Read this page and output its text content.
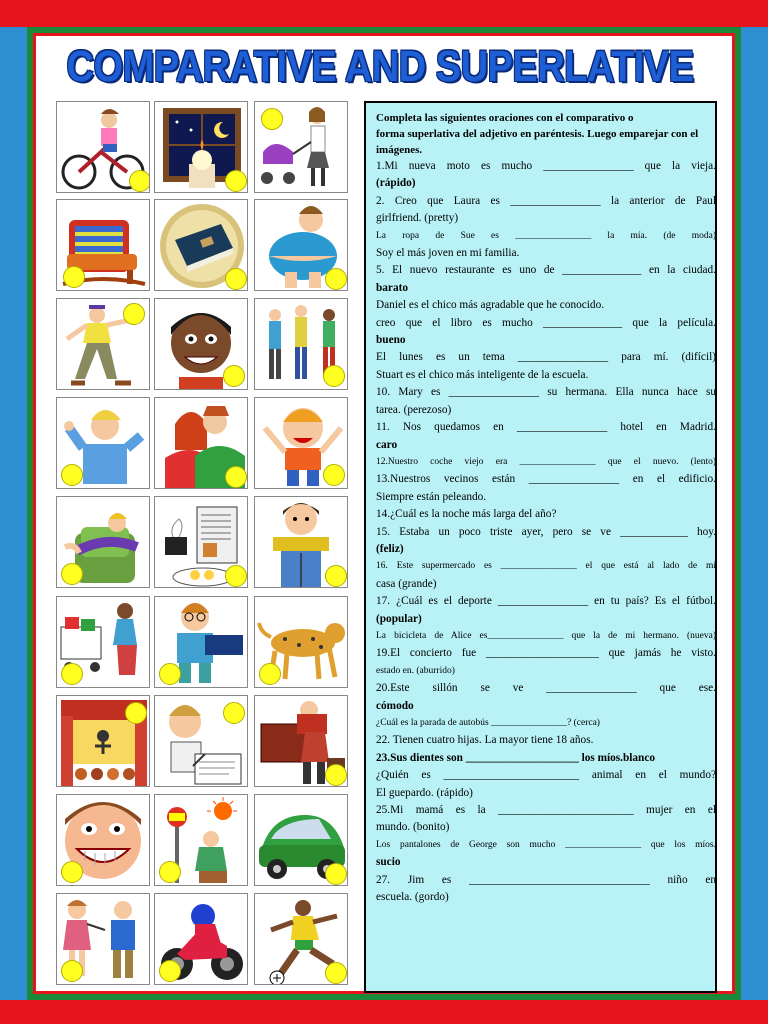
COMPARATIVE AND SUPERLATIVE
Completa las siguientes oraciones con el comparativo o
forma superlativa del adjetivo en paréntesis. Luego emparejar con el
imágenes.
1.Mi nueva moto es mucho ________________ que la vieja.
(rápido)
2. Creo que Laura es ________________ la anterior de Paul
girlfriend. (pretty)
La ropa de Sue es ________________ la mía. (de moda)
Soy el más joven en mi familia.
5. El nuevo restaurante es uno de ______________ en la ciudad.
barato
Daniel es el chico más agradable que he conocido.
creo que el libro es mucho ______________ que la película.
bueno
El lunes es un tema ________________ para mí. (difícil)
Stuart es el chico más inteligente de la escuela.
10. Mary es ________________ su hermana. Ella nunca hace su
tarea. (perezoso)
11. Nos quedamos en ________________ hotel en Madrid.
caro
12.Nuestro coche viejo era ________________ que el nuevo. (lento)
13.Nuestros vecinos están ________________ en el edificio.
Siempre están peleando.
14.¿Cuál es la noche más larga del año?
15. Estaba un poco triste ayer, pero se ve ____________ hoy.
(feliz)
16. Este supermercado es ________________ el que está al lado de mi
casa (grande)
17. ¿Cuál es el deporte ________________ en tu país? Es el fútbol.
(popular)
La bicicleta de Alice es________________ que la de mi hermano. (nueva)
19.El concierto fue ____________________ que jamás he visto.
estado en. (aburrido)
20.Este sillón se ve ________________ que ese.
cómodo
¿Cuál es la parada de autobús ________________? (cerca)
22. Tienen cuatro hijas. La mayor tiene 18 años.
23.Sus dientes son ____________________ los míos.blanco
¿Quién es ________________________ animal en el mundo?
El guepardo. (rápido)
25.Mi mamá es la ________________________ mujer en el
mundo. (bonito)
Los pantalones de George son mucho ________________ que los míos.
sucio
27. Jim es ________________________________ niño en
escuela. (gordo)
